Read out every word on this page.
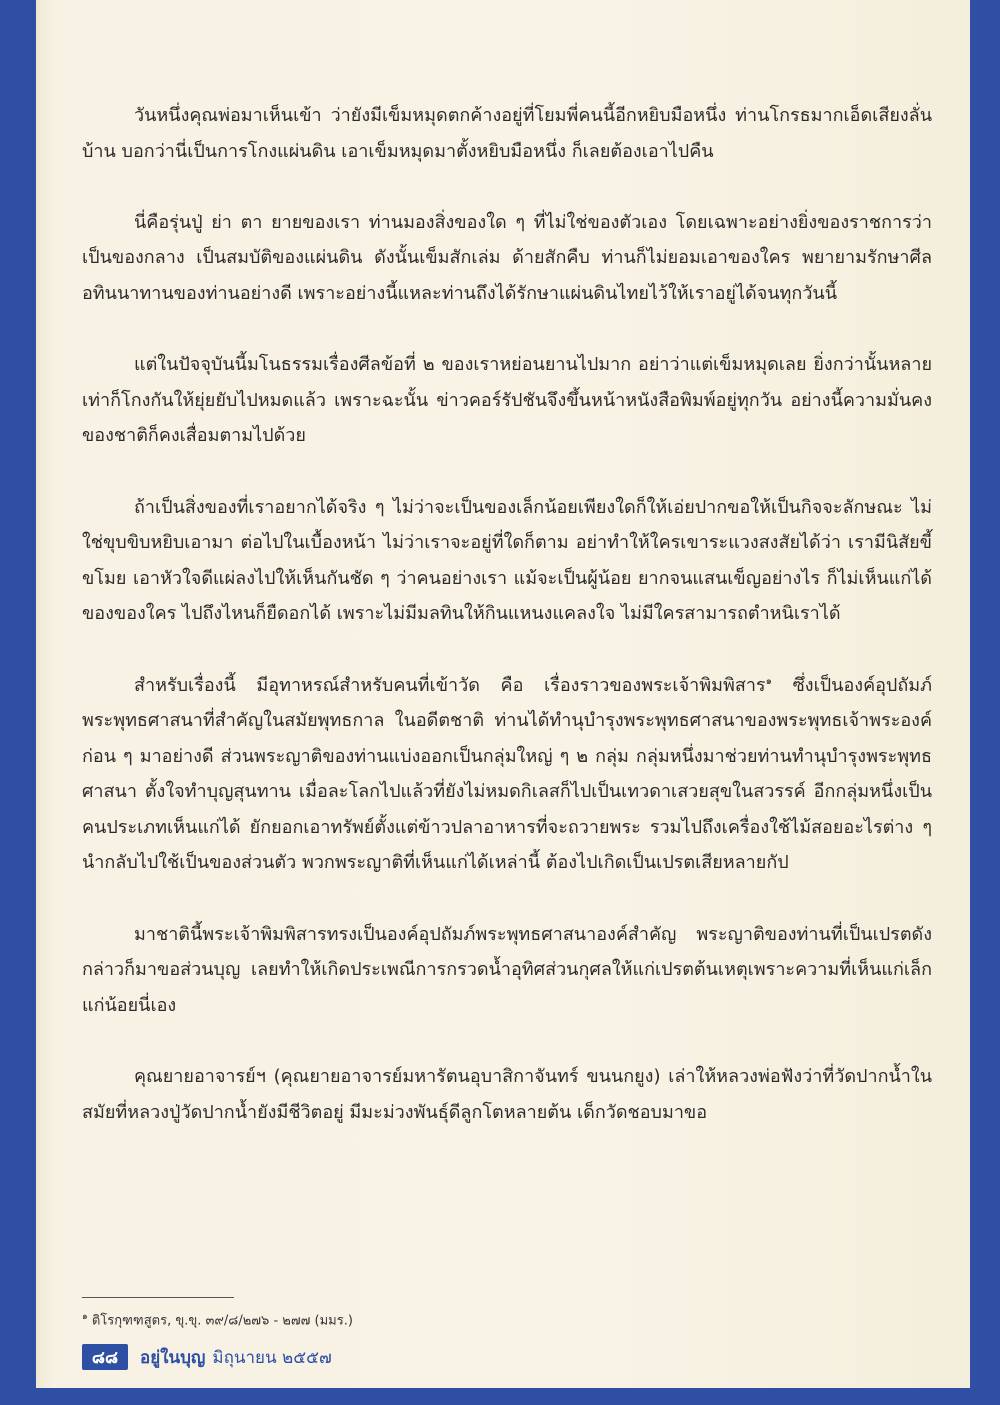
วันหนึ่งคุณพ่อมาเห็นเข้า ว่ายังมีเข็มหมุดตกค้างอยู่ที่โยมพี่คนนี้อีกหยิบมือหนึ่ง ท่านโกรธมากเอ็ดเสียงลั่นบ้าน บอกว่านี่เป็นการโกงแผ่นดิน เอาเข็มหมุดมาตั้งหยิบมือหนึ่ง ก็เลยต้องเอาไปคืน

นี่คือรุ่นปู่ ย่า ตา ยายของเรา ท่านมองสิ่งของใด ๆ ที่ไม่ใช่ของตัวเอง โดยเฉพาะอย่างยิ่งของราชการว่าเป็นของกลาง เป็นสมบัติของแผ่นดิน ดังนั้นเข็มสักเล่ม ด้ายสักคืบ ท่านก็ไม่ยอมเอาของใคร พยายามรักษาศีลอทินนาทานของท่านอย่างดี เพราะอย่างนี้แหละท่านถึงได้รักษาแผ่นดินไทยไว้ให้เราอยู่ได้จนทุกวันนี้

แต่ในปัจจุบันนี้มโนธรรมเรื่องศีลข้อที่ ๒ ของเราหย่อนยานไปมาก อย่าว่าแต่เข็มหมุดเลย ยิ่งกว่านั้นหลายเท่าก็โกงกันให้ยุ่ยยับไปหมดแล้ว เพราะฉะนั้น ข่าวคอร์รัปชันจึงขึ้นหน้าหนังสือพิมพ์อยู่ทุกวัน อย่างนี้ความมั่นคงของชาติก็คงเสื่อมตามไปด้วย

ถ้าเป็นสิ่งของที่เราอยากได้จริง ๆ ไม่ว่าจะเป็นของเล็กน้อยเพียงใดก็ให้เอ่ยปากขอให้เป็นกิจจะลักษณะ ไม่ใช่ขุบขิบหยิบเอามา ต่อไปในเบื้องหน้า ไม่ว่าเราจะอยู่ที่ใดก็ตาม อย่าทำให้ใครเขาระแวงสงสัยได้ว่า เรามีนิสัยขี้ขโมย เอาหัวใจดีแผ่ลงไปให้เห็นกันชัด ๆ ว่าคนอย่างเรา แม้จะเป็นผู้น้อย ยากจนแสนเข็ญอย่างไร ก็ไม่เห็นแก่ได้ของของใคร ไปถึงไหนก็ยืดอกได้ เพราะไม่มีมลทินให้กินแหนงแคลงใจ ไม่มีใครสามารถตำหนิเราได้

สำหรับเรื่องนี้ มีอุทาหรณ์สำหรับคนที่เข้าวัด คือ เรื่องราวของพระเจ้าพิมพิสาร$^๑$ ซึ่งเป็นองค์อุปถัมภ์พระพุทธศาสนาที่สำคัญในสมัยพุทธกาล ในอดีตชาติ ท่านได้ทำนุบำรุงพระพุทธศาสนาของพระพุทธเจ้าพระองค์ก่อน ๆ มาอย่างดี ส่วนพระญาติของท่านแบ่งออกเป็นกลุ่มใหญ่ ๆ ๒ กลุ่ม กลุ่มหนึ่งมาช่วยท่านทำนุบำรุงพระพุทธศาสนา ตั้งใจทำบุญสุนทาน เมื่อละโลกไปแล้วที่ยังไม่หมดกิเลสก็ไปเป็นเทวดาเสวยสุขในสวรรค์ อีกกลุ่มหนึ่งเป็นคนประเภทเห็นแก่ได้ ยักยอกเอาทรัพย์ตั้งแต่ข้าวปลาอาหารที่จะถวายพระ รวมไปถึงเครื่องใช้ไม้สอยอะไรต่าง ๆ นำกลับไปใช้เป็นของส่วนตัว พวกพระญาติที่เห็นแก่ได้เหล่านี้ ต้องไปเกิดเป็นเปรตเสียหลายกัป

มาชาตินี้พระเจ้าพิมพิสารทรงเป็นองค์อุปถัมภ์พระพุทธศาสนาองค์สำคัญ พระญาติของท่านที่เป็นเปรตดังกล่าวก็มาขอส่วนบุญ เลยทำให้เกิดประเพณีการกรวดน้ำอุทิศส่วนกุศลให้แก่เปรตต้นเหตุเพราะความที่เห็นแก่เล็กแก่น้อยนี่เอง

คุณยายอาจารย์ฯ (คุณยายอาจารย์มหารัตนอุบาสิกาจันทร์ ขนนกยูง) เล่าให้หลวงพ่อฟังว่าที่วัดปากน้ำในสมัยที่หลวงปู่วัดปากน้ำยังมีชีวิตอยู่ มีมะม่วงพันธุ์ดีลูกโตหลายต้น เด็กวัดชอบมาขอ

$^๑$ ติโรกุฑฑสูตร, ขุ.ขุ. ๓๙/๘/๒๗๖ - ๒๗๗ (มมร.)
๘๘	อยู่ในบุญ มิถุนายน ๒๕๕๗
